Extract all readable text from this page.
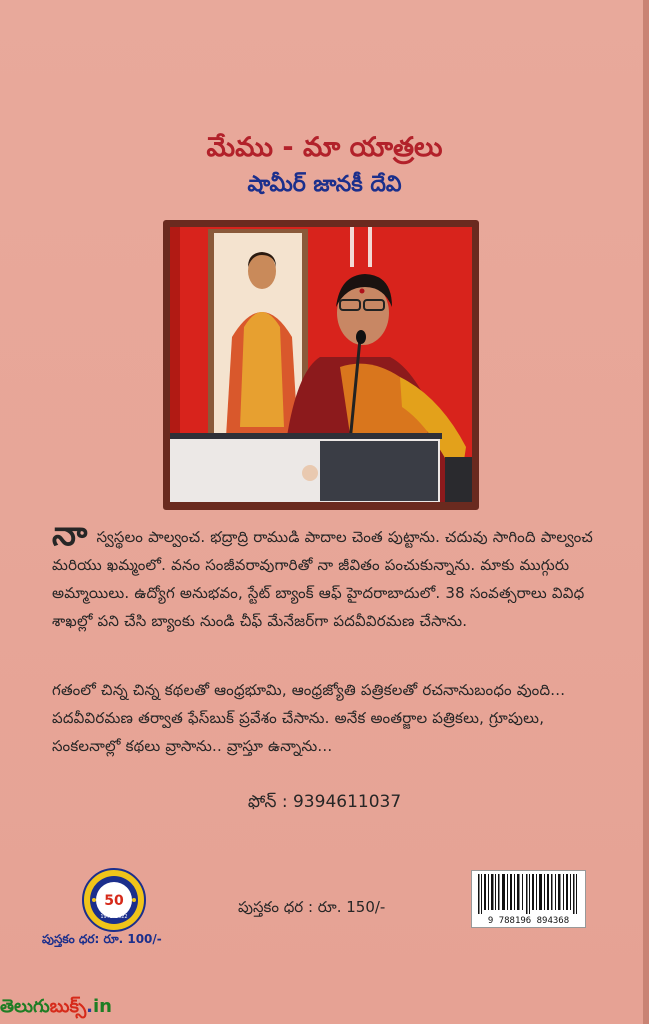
మేము - మా యాత్రలు
షామీర్ జానకీ దేవి
నా స్వస్థలం పాల్వంచ. భద్రాద్రి రాముడి పాదాల చెంత పుట్టాను. చదువు సాగింది పాల్వంచ మరియు ఖమ్మంలో. వనం సంజీవరావుగారితో నా జీవితం పంచుకున్నాను. మాకు ముగ్గురు అమ్మాయిలు. ఉద్యోగ అనుభవం, స్టేట్ బ్యాంక్ ఆఫ్ హైదరాబాదులో. 38 సంవత్సరాలు వివిధ శాఖల్లో పని చేసి బ్యాంకు నుండి చీఫ్ మేనేజర్‌గా పదవీవిరమణ చేసాను.
గతంలో చిన్న చిన్న కథలతో ఆంధ్రభూమి, ఆంధ్రజ్యోతి పత్రికలతో రచనానుబంధం వుంది... పదవీవిరమణ తర్వాత ఫేస్‌బుక్ ప్రవేశం చేసాను. అనేక అంతర్జాల పత్రికలు, గ్రూపులు, సంకలనాల్లో కథలు వ్రాసాను.. వ్రాస్తూ ఉన్నాను...
ఫోన్ : 9394611037
50
1972-2022
పుస్తకం ధర : రూ. 150/-
9 788196 894368
పుస్తకం ధర: రూ. 100/-
తెలుగుబుక్స్.in
